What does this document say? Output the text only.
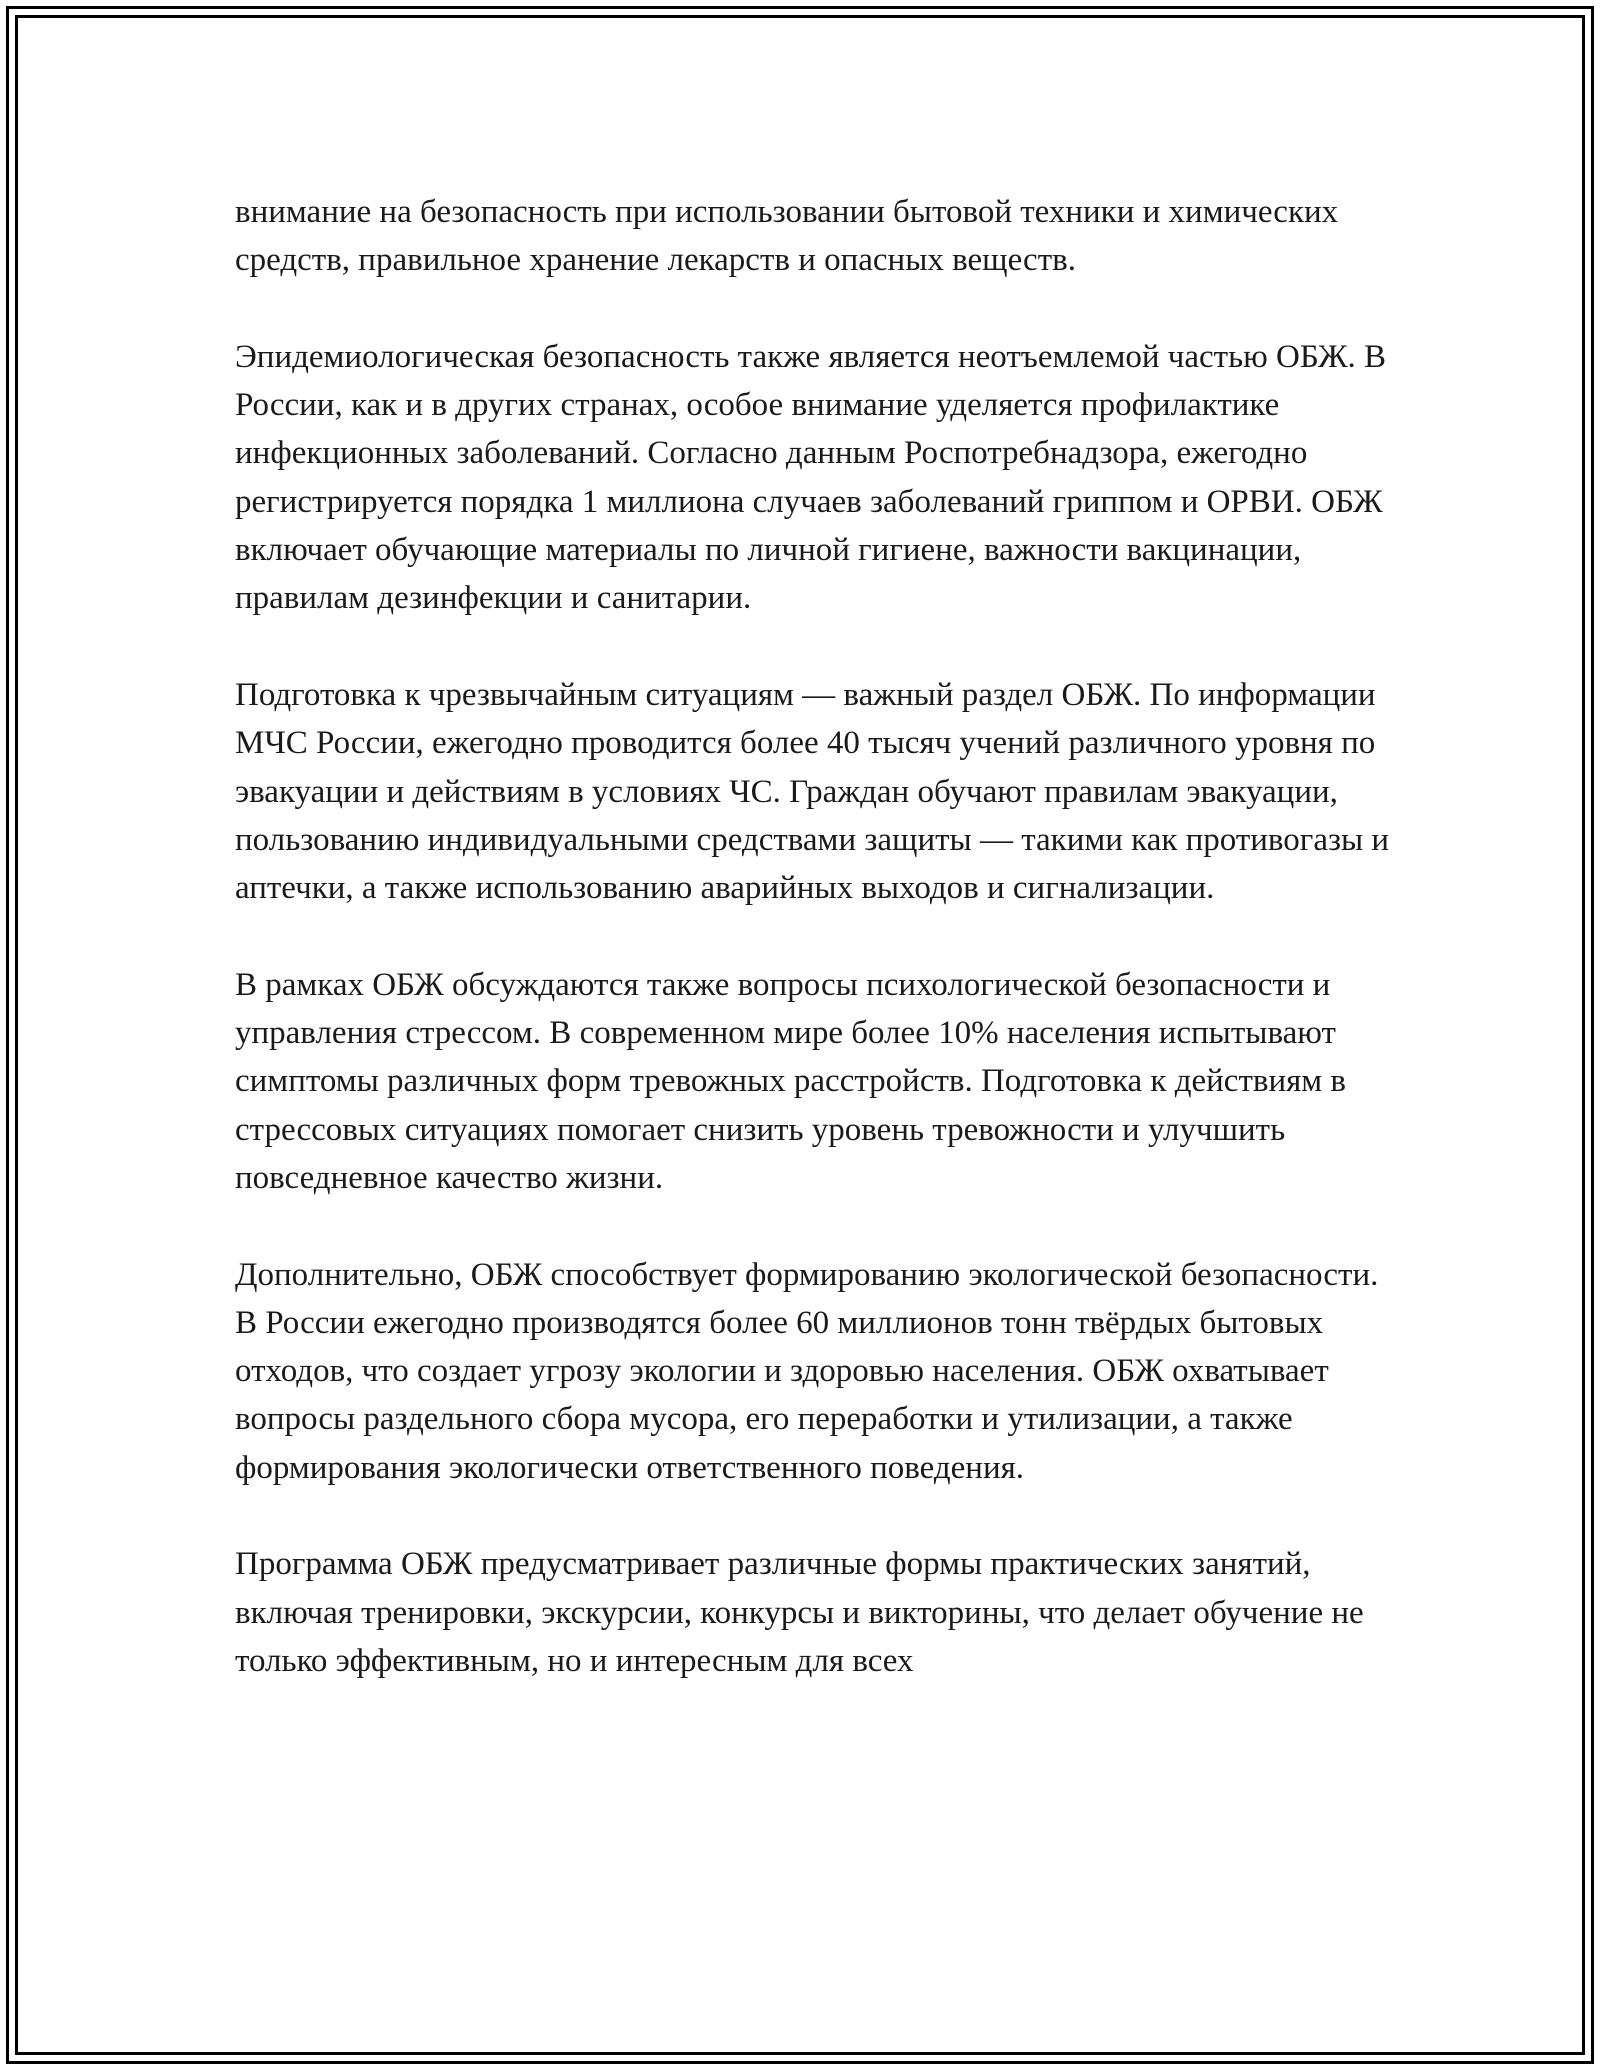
внимание на безопасность при использовании бытовой техники и химических средств, правильное хранение лекарств и опасных веществ.

Эпидемиологическая безопасность также является неотъемлемой частью ОБЖ. В России, как и в других странах, особое внимание уделяется профилактике инфекционных заболеваний. Согласно данным Роспотребнадзора, ежегодно регистрируется порядка 1 миллиона случаев заболеваний гриппом и ОРВИ. ОБЖ включает обучающие материалы по личной гигиене, важности вакцинации, правилам дезинфекции и санитарии.

Подготовка к чрезвычайным ситуациям — важный раздел ОБЖ. По информации МЧС России, ежегодно проводится более 40 тысяч учений различного уровня по эвакуации и действиям в условиях ЧС. Граждан обучают правилам эвакуации, пользованию индивидуальными средствами защиты — такими как противогазы и аптечки, а также использованию аварийных выходов и сигнализации.

В рамках ОБЖ обсуждаются также вопросы психологической безопасности и управления стрессом. В современном мире более 10% населения испытывают симптомы различных форм тревожных расстройств. Подготовка к действиям в стрессовых ситуациях помогает снизить уровень тревожности и улучшить повседневное качество жизни.

Дополнительно, ОБЖ способствует формированию экологической безопасности. В России ежегодно производятся более 60 миллионов тонн твёрдых бытовых отходов, что создает угрозу экологии и здоровью населения. ОБЖ охватывает вопросы раздельного сбора мусора, его переработки и утилизации, а также формирования экологически ответственного поведения.

Программа ОБЖ предусматривает различные формы практических занятий, включая тренировки, экскурсии, конкурсы и викторины, что делает обучение не только эффективным, но и интересным для всех
